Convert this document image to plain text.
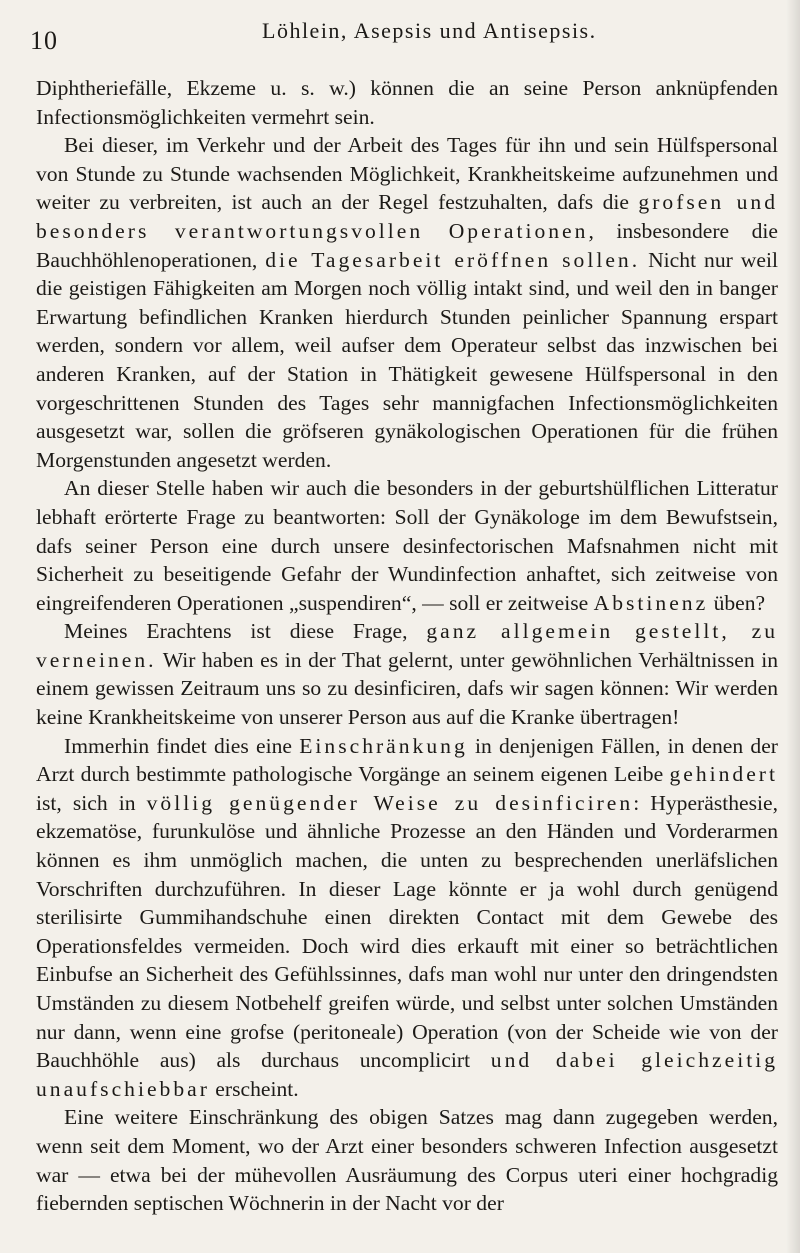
10	Löhlein, Asepsis und Antisepsis.

Diphtheriefälle, Ekzeme u. s. w.) können die an seine Person anknüpfenden Infectionsmöglichkeiten vermehrt sein.

Bei dieser, im Verkehr und der Arbeit des Tages für ihn und sein Hülfspersonal von Stunde zu Stunde wachsenden Möglichkeit, Krankheitskeime aufzunehmen und weiter zu verbreiten, ist auch an der Regel festzuhalten, dafs die grofsen und besonders verantwortungsvollen Operationen, insbesondere die Bauchhöhlenoperationen, die Tagesarbeit eröffnen sollen. Nicht nur weil die geistigen Fähigkeiten am Morgen noch völlig intakt sind, und weil den in banger Erwartung befindlichen Kranken hierdurch Stunden peinlicher Spannung erspart werden, sondern vor allem, weil aufser dem Operateur selbst das inzwischen bei anderen Kranken, auf der Station in Thätigkeit gewesene Hülfspersonal in den vorgeschrittenen Stunden des Tages sehr mannigfachen Infectionsmöglichkeiten ausgesetzt war, sollen die gröfseren gynäkologischen Operationen für die frühen Morgenstunden angesetzt werden.

An dieser Stelle haben wir auch die besonders in der geburtshülflichen Litteratur lebhaft erörterte Frage zu beantworten: Soll der Gynäkologe im dem Bewufstsein, dafs seiner Person eine durch unsere desinfectorischen Mafsnahmen nicht mit Sicherheit zu beseitigende Gefahr der Wundinfection anhaftet, sich zeitweise von eingreifenderen Operationen „suspendiren“, — soll er zeitweise Abstinenz üben?

Meines Erachtens ist diese Frage, ganz allgemein gestellt, zu verneinen. Wir haben es in der That gelernt, unter gewöhnlichen Verhältnissen in einem gewissen Zeitraum uns so zu desinficiren, dafs wir sagen können: Wir werden keine Krankheitskeime von unserer Person aus auf die Kranke übertragen!

Immerhin findet dies eine Einschränkung in denjenigen Fällen, in denen der Arzt durch bestimmte pathologische Vorgänge an seinem eigenen Leibe gehindert ist, sich in völlig genügender Weise zu desinficiren: Hyperästhesie, ekzematöse, furunkulöse und ähnliche Prozesse an den Händen und Vorderarmen können es ihm unmöglich machen, die unten zu besprechenden unerläfslichen Vorschriften durchzuführen. In dieser Lage könnte er ja wohl durch genügend sterilisirte Gummihandschuhe einen direkten Contact mit dem Gewebe des Operationsfeldes vermeiden. Doch wird dies erkauft mit einer so beträchtlichen Einbufse an Sicherheit des Gefühlssinnes, dafs man wohl nur unter den dringendsten Umständen zu diesem Notbehelf greifen würde, und selbst unter solchen Umständen nur dann, wenn eine grofse (peritoneale) Operation (von der Scheide wie von der Bauchhöhle aus) als durchaus uncomplicirt und dabei gleichzeitig unaufschiebbar erscheint.

Eine weitere Einschränkung des obigen Satzes mag dann zugegeben werden, wenn seit dem Moment, wo der Arzt einer besonders schweren Infection ausgesetzt war — etwa bei der mühevollen Ausräumung des Corpus uteri einer hochgradig fiebernden septischen Wöchnerin in der Nacht vor der
